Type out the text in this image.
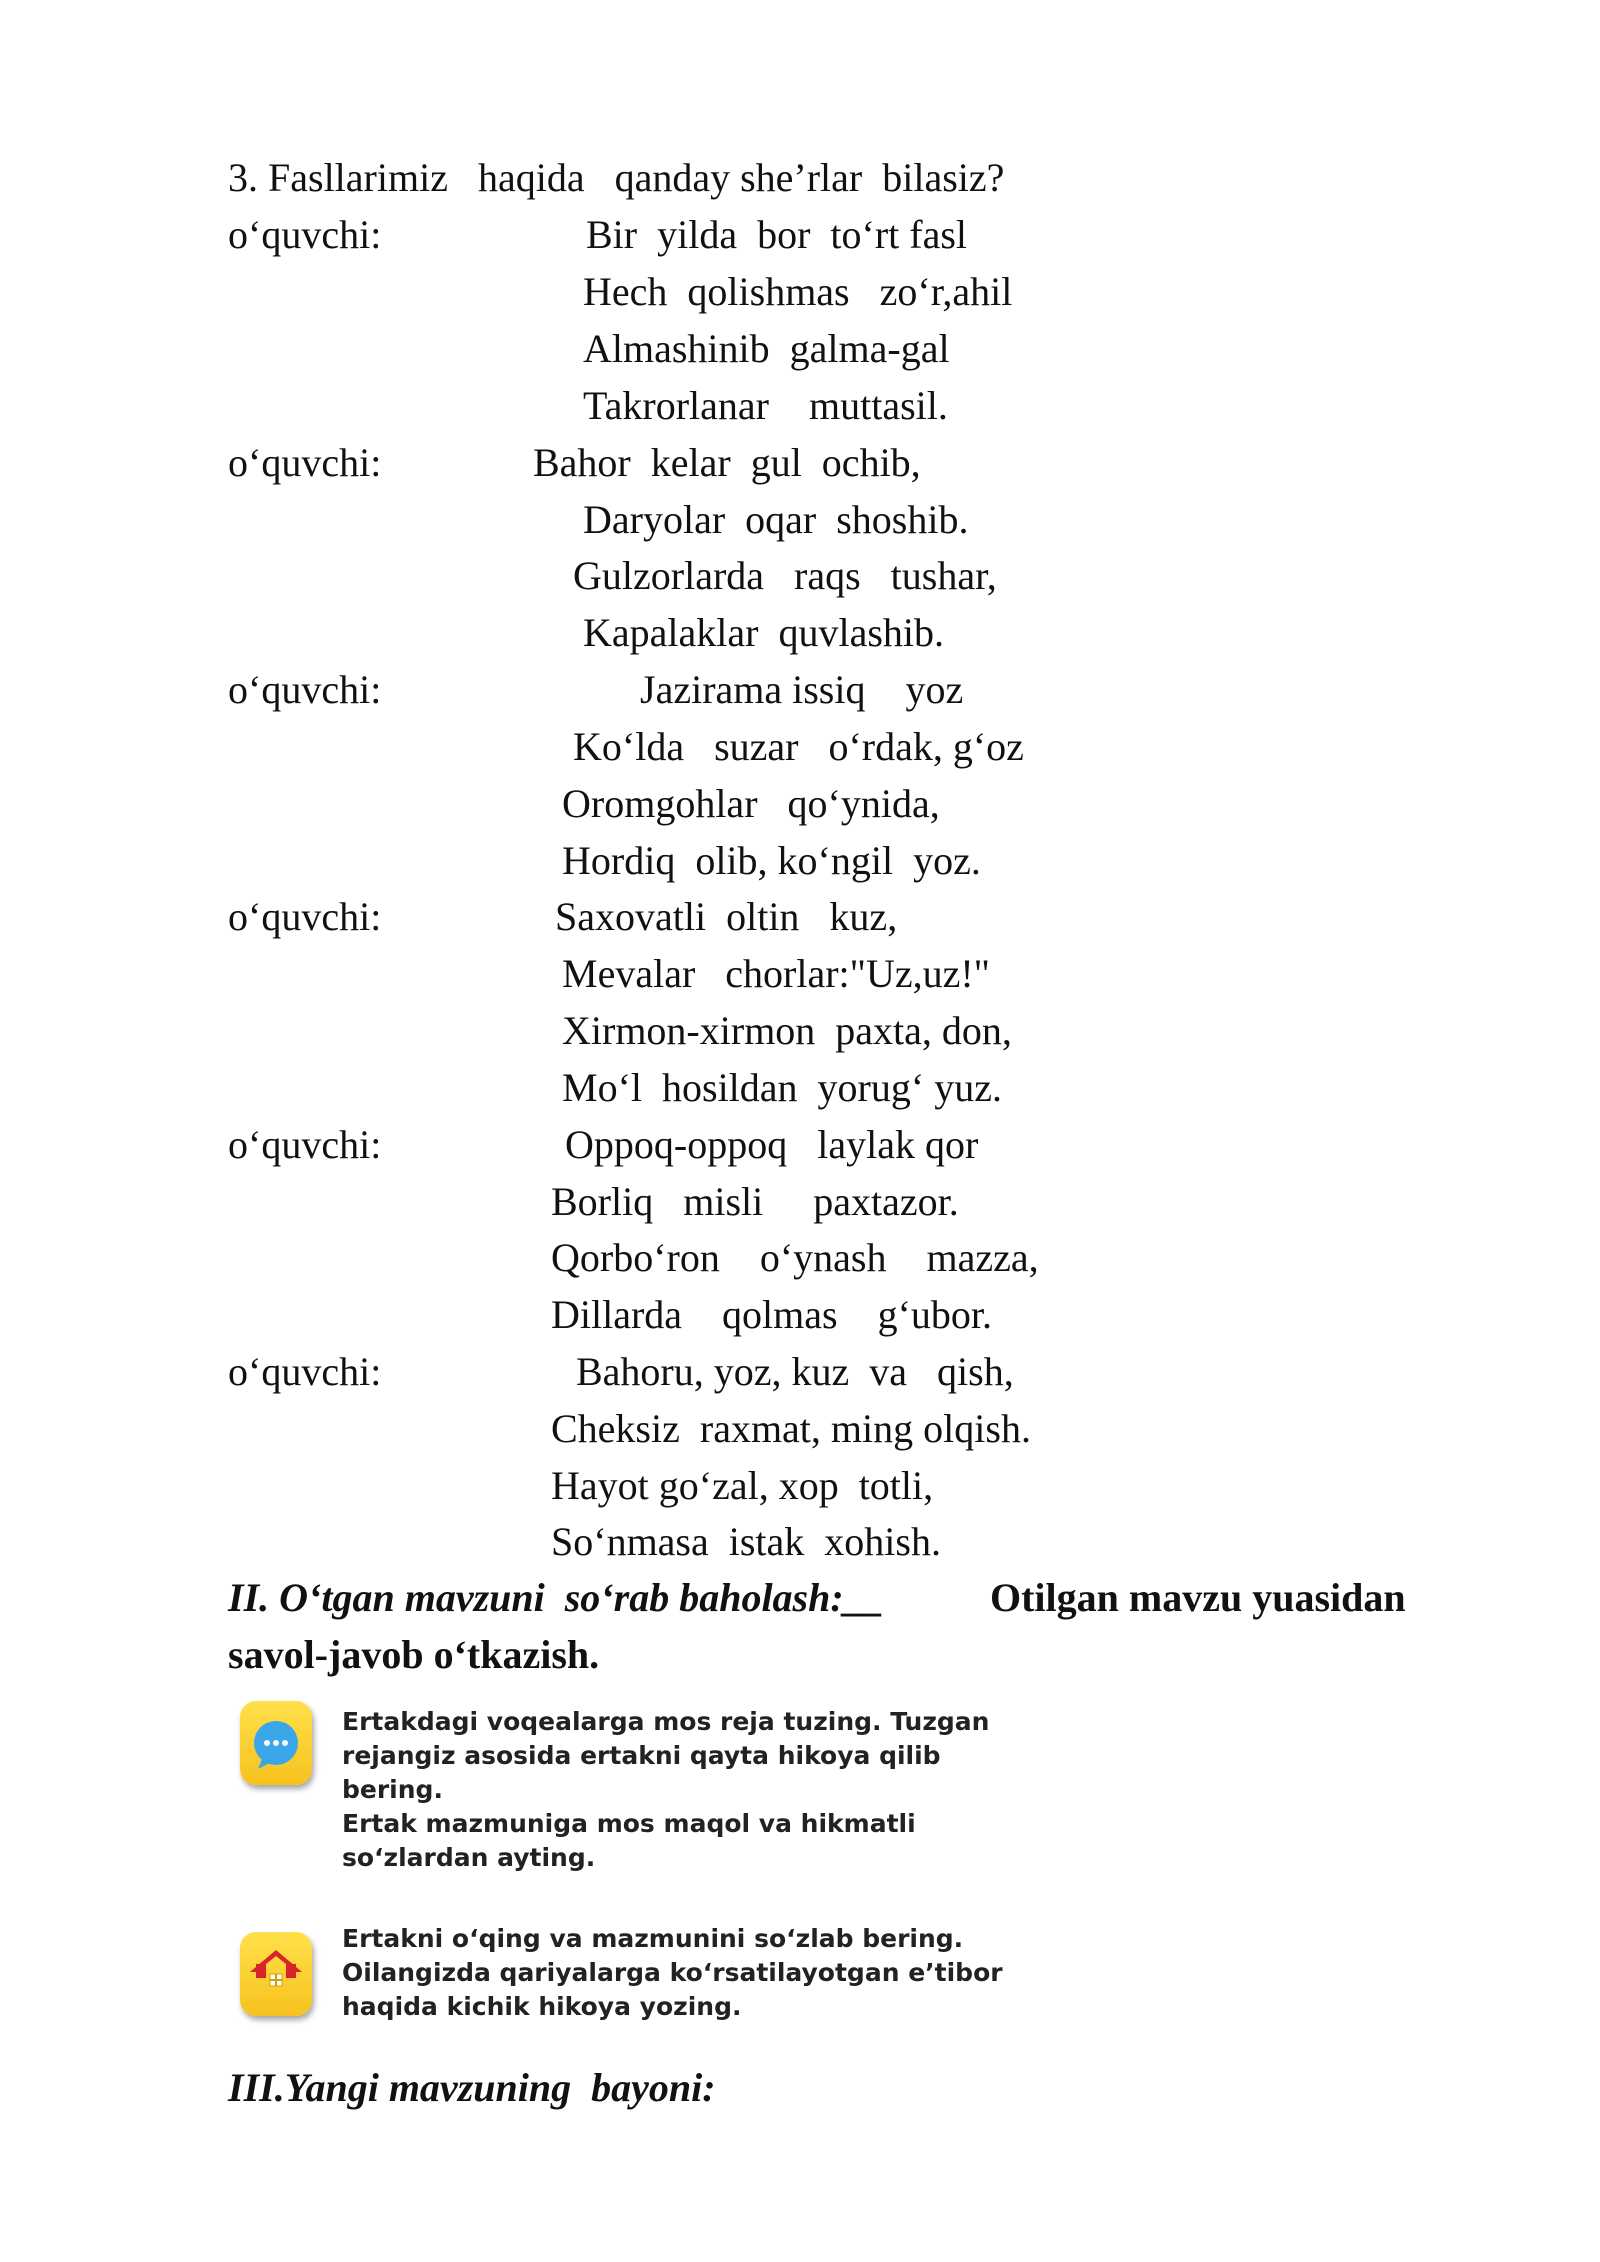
3. Fasllarimiz   haqida   qanday she’rlar  bilasiz?
o‘quvchi:
o‘quvchi:
o‘quvchi:
o‘quvchi:
o‘quvchi:
o‘quvchi:
Bir  yilda  bor  to‘rt fasl
Hech  qolishmas   zo‘r,ahil
Almashinib  galma-gal
Takrorlanar    muttasil.
Bahor  kelar  gul  ochib,
Daryolar  oqar  shoshib.
Gulzorlarda   raqs   tushar,
Kapalaklar  quvlashib.
Jazirama issiq    yoz
Ko‘lda   suzar   o‘rdak, g‘oz
Oromgohlar   qo‘ynida,
Hordiq  olib, ko‘ngil  yoz.
Saxovatli  oltin   kuz,
Mevalar   chorlar:"Uz,uz!"
Xirmon-xirmon  paxta, don,
Mo‘l  hosildan  yorug‘ yuz.
Oppoq-oppoq   laylak qor
Borliq   misli     paxtazor.
Qorbo‘ron    o‘ynash    mazza,
Dillarda    qolmas    g‘ubor.
Bahoru, yoz, kuz  va   qish,
Cheksiz  raxmat, ming olqish.
Hayot go‘zal, xop  totli,
So‘nmasa  istak  xohish.
II. O‘tgan mavzuni  so‘rab baholash:__	Otilgan mavzu yuasidan
savol-javob o‘tkazish.
Ertakdagi voqealarga mos reja tuzing. Tuzgan
rejangiz asosida ertakni qayta hikoya qilib
bering.
Ertak mazmuniga mos maqol va hikmatli
so‘zlardan ayting.
Ertakni o‘qing va mazmunini so‘zlab bering.
Oilangizda qariyalarga ko‘rsatilayotgan e’tibor
haqida kichik hikoya yozing.
III.Yangi mavzuning  bayoni:
